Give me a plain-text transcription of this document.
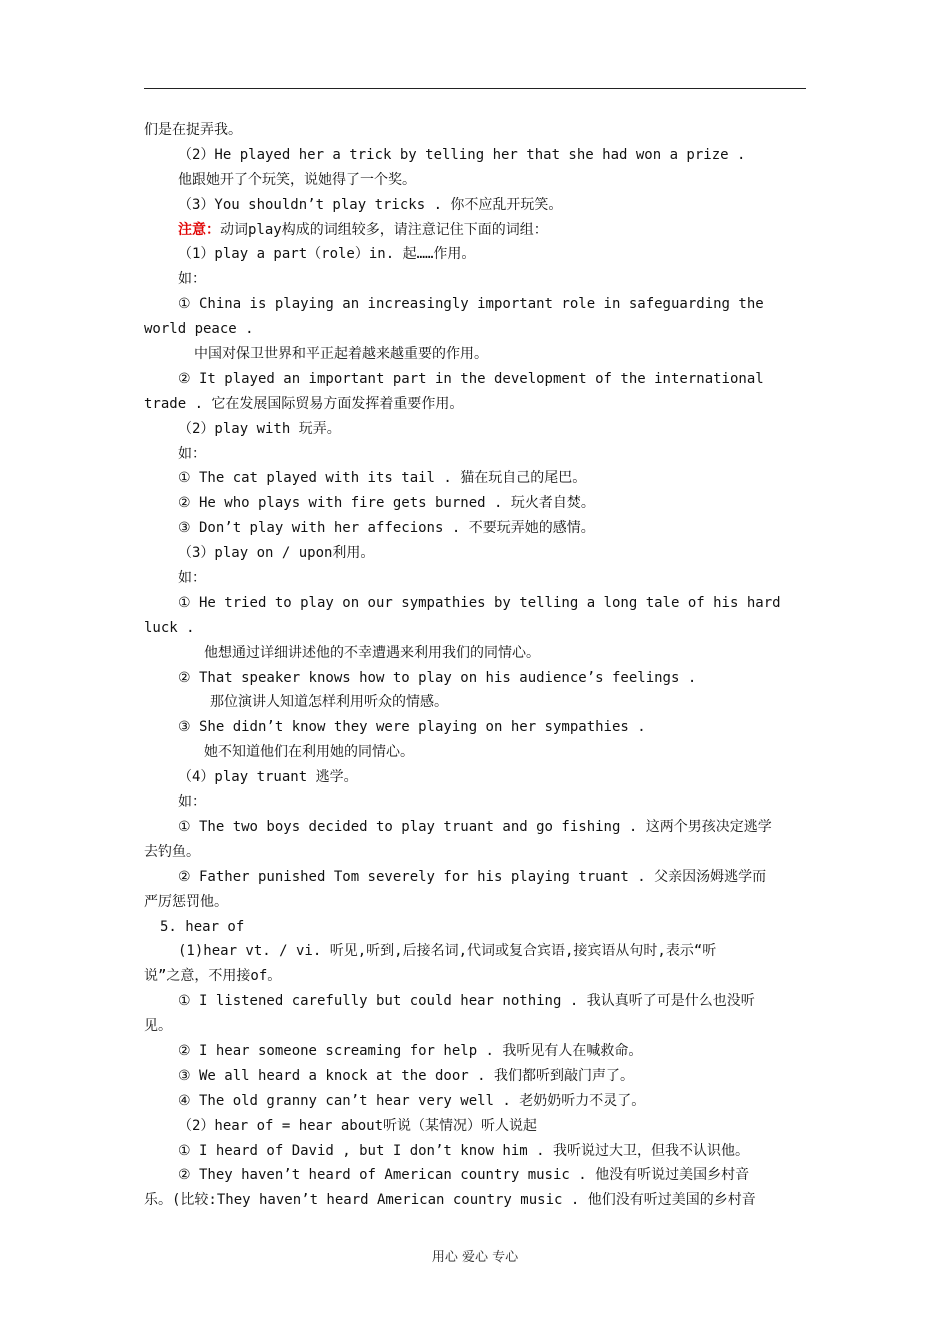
们是在捉弄我。
（2）He played her a trick by telling her that she had won a prize .
他跟她开了个玩笑，说她得了一个奖。
（3）You shouldn’t play tricks . 你不应乱开玩笑。
注意：动词play构成的词组较多，请注意记住下面的词组：
（1）play a part（role）in. 起……作用。
如：
① China is playing an increasingly important role in safeguarding the
world peace .
中国对保卫世界和平正起着越来越重要的作用。
② It played an important part in the development of the international
trade . 它在发展国际贸易方面发挥着重要作用。
（2）play with 玩弄。
如：
① The cat played with its tail . 猫在玩自己的尾巴。
② He who plays with fire gets burned . 玩火者自焚。
③ Don’t play with her affecions . 不要玩弄她的感情。
（3）play on / upon利用。
如：
① He tried to play on our sympathies by telling a long tale of his hard
luck .
他想通过详细讲述他的不幸遭遇来利用我们的同情心。
② That speaker knows how to play on his audience’s feelings .
那位演讲人知道怎样利用听众的情感。
③ She didn’t know they were playing on her sympathies .
她不知道他们在利用她的同情心。
（4）play truant 逃学。
如：
① The two boys decided to play truant and go fishing . 这两个男孩决定逃学
去钓鱼。
② Father punished Tom severely for his playing truant . 父亲因汤姆逃学而
严厉惩罚他。
5. hear of
(1)hear vt. / vi. 听见,听到,后接名词,代词或复合宾语,接宾语从句时,表示“听
说”之意，不用接of。
① I listened carefully but could hear nothing . 我认真听了可是什么也没听
见。
② I hear someone screaming for help . 我听见有人在喊救命。
③ We all heard a knock at the door . 我们都听到敲门声了。
④ The old granny can’t hear very well . 老奶奶听力不灵了。
（2）hear of = hear about听说（某情况）听人说起
① I heard of David , but I don’t know him . 我听说过大卫，但我不认识他。
② They haven’t heard of American country music . 他没有听说过美国乡村音
乐。(比较:They haven’t heard American country music . 他们没有听过美国的乡村音
用心 爱心 专心
